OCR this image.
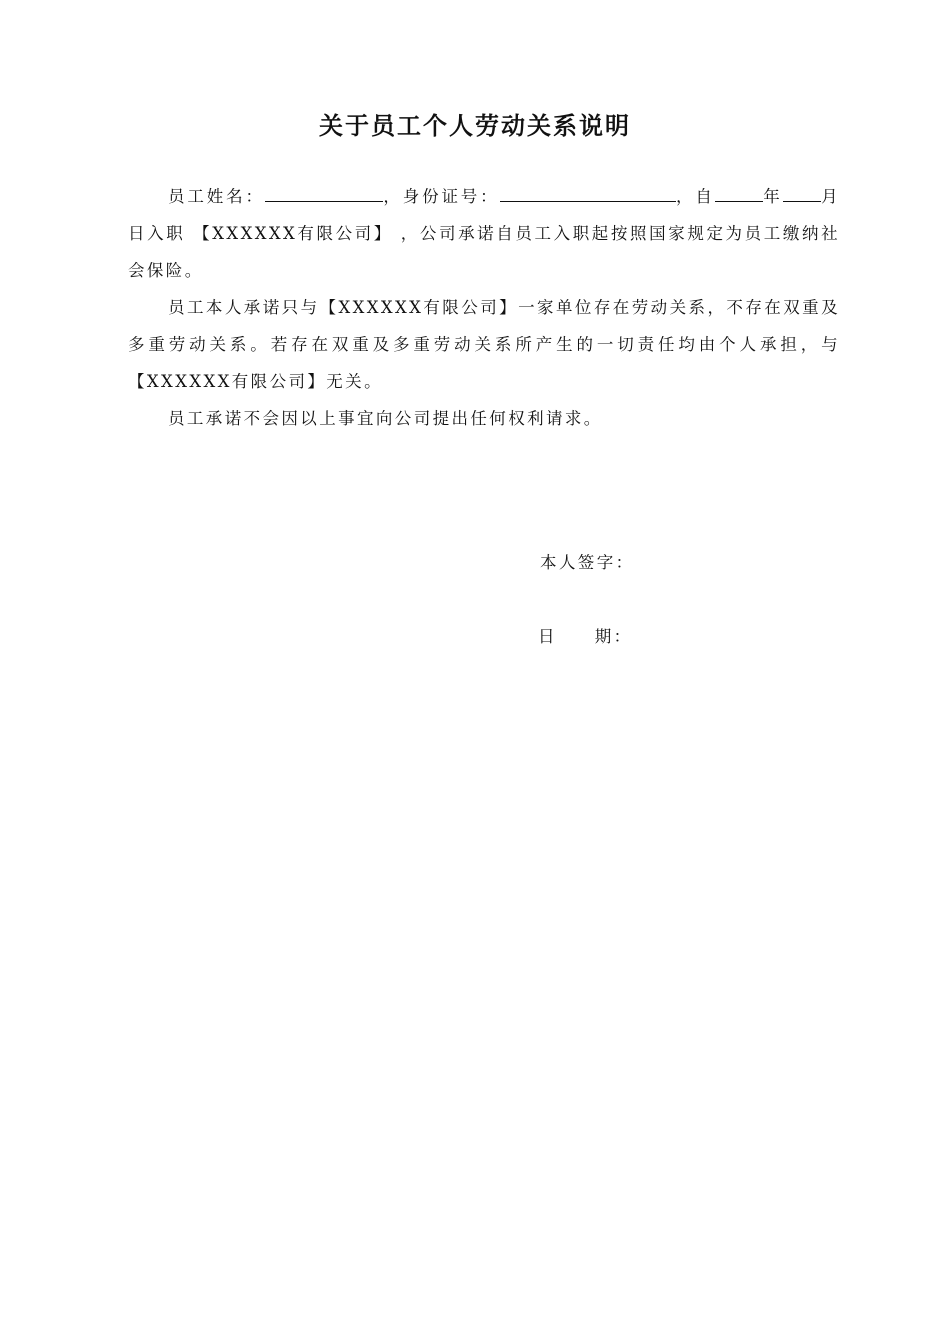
关于员工个人劳动关系说明

员工姓名：	，身份证号：	，自	年 月日入职 【XXXXXX有限公司】 ，公司承诺自员工入职起按照国家规定为员工缴纳社会保险。

员工本人承诺只与【XXXXXX有限公司】一家单位存在劳动关系，不存在双重及多重劳动关系。若存在双重及多重劳动关系所产生的一切责任均由个人承担，与【XXXXXX有限公司】无关。

员工承诺不会因以上事宜向公司提出任何权利请求。

本人签字：
日　　期：
